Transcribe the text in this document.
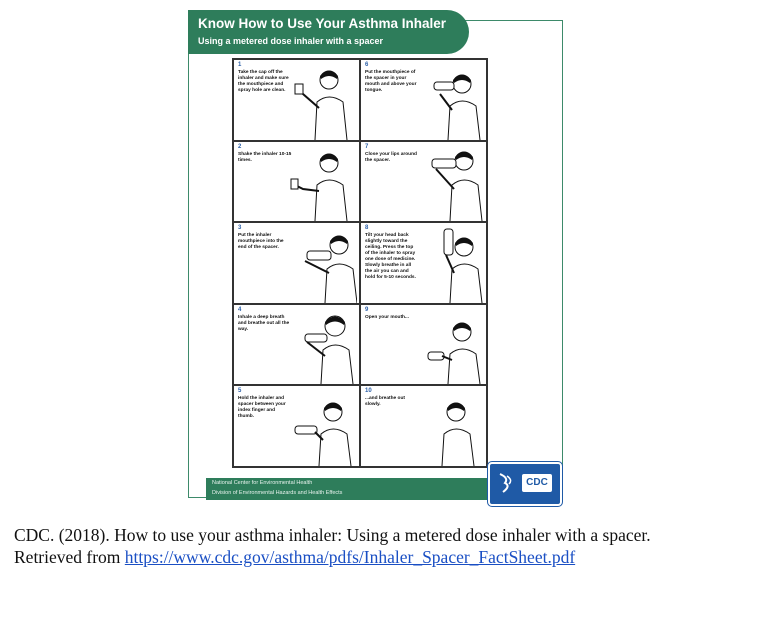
Know How to Use Your Asthma Inhaler
Using a metered dose inhaler with a spacer
1
Take the cap off the inhaler and make sure the mouthpiece and spray hole are clean.
6
Put the mouthpiece of the spacer in your mouth and above your tongue.
2
Shake the inhaler 10-15 times.
7
Close your lips around the spacer.
3
Put the inhaler mouthpiece into the end of the spacer.
8
Tilt your head back slightly toward the ceiling. Press the top of the inhaler to spray one dose of medicine. Slowly breathe in all the air you can and hold for 5-10 seconds.
4
Inhale a deep breath and breathe out all the way.
9
Open your mouth...
5
Hold the inhaler and spacer between your index finger and thumb.
10
...and breathe out slowly.
National Center for Environmental Health
Division of Environmental Hazards and Health Effects
CDC
CDC. (2018). How to use your asthma inhaler: Using a metered dose inhaler with a spacer.
Retrieved from https://www.cdc.gov/asthma/pdfs/Inhaler_Spacer_FactSheet.pdf
